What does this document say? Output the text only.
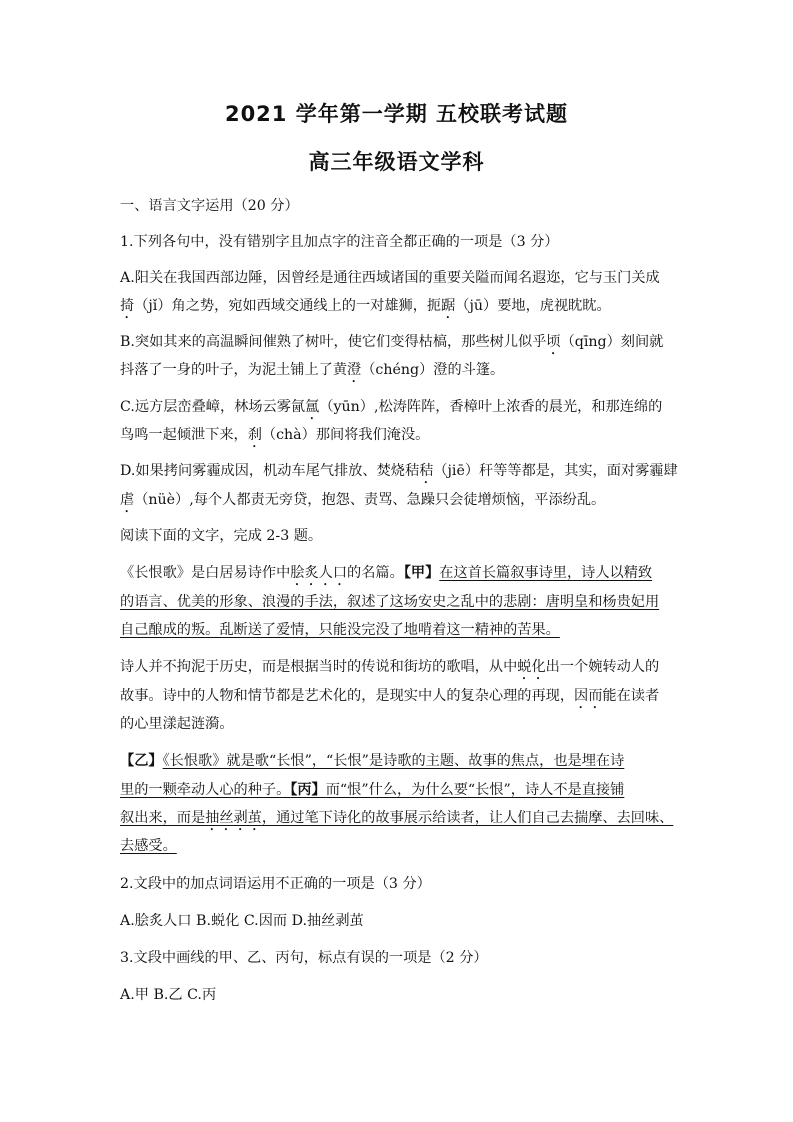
2021 学年第一学期 五校联考试题
高三年级语文学科
一、语言文字运用（20 分）
1.下列各句中，没有错别字且加点字的注音全都正确的一项是（3 分）
A.阳关在我国西部边陲，因曾经是通往西域诸国的重要关隘而闻名遐迩，它与玉门关成
掎（jǐ）角之势，宛如西域交通线上的一对雄狮，扼踞（jū）要地，虎视眈眈。
B.突如其来的高温瞬间催熟了树叶，使它们变得枯槁，那些树儿似乎顷（qīng）刻间就
抖落了一身的叶子，为泥土铺上了黄澄（chéng）澄的斗篷。
C.远方层峦叠嶂，林场云雾氤氲（yūn）,松涛阵阵，香樟叶上浓香的晨光，和那连绵的
鸟鸣一起倾泄下来，刹（chà）那间将我们淹没。
D.如果拷问雾霾成因，机动车尾气排放、焚烧秸秸（jiē）秆等等都是，其实，面对雾霾肆
虐（nüè）,每个人都责无旁贷，抱怨、责骂、急躁只会徒增烦恼，平添纷乱。
阅读下面的文字，完成 2-3 题。
《长恨歌》是白居易诗作中脍炙人口的名篇。【甲】在这首长篇叙事诗里，诗人以精致
的语言、优美的形象、浪漫的手法，叙述了这场安史之乱中的悲剧：唐明皇和杨贵妃用
自己酿成的叛。乱断送了爱情，只能没完没了地啃着这一精神的苦果。
诗人并不拘泥于历史，而是根据当时的传说和街坊的歌唱，从中蜕化出一个婉转动人的
故事。诗中的人物和情节都是艺术化的，是现实中人的复杂心理的再现，因而能在读者
的心里漾起涟漪。
【乙】《长恨歌》就是歌“长恨”，“长恨”是诗歌的主题、故事的焦点，也是埋在诗
里的一颗牵动人心的种子。【丙】而“恨”什么，为什么要“长恨”，诗人不是直接铺
叙出来，而是抽丝剥茧，通过笔下诗化的故事展示给读者，让人们自己去揣摩、去回味、
去感受。
2.文段中的加点词语运用不正确的一项是（3 分）
A.脍炙人口 B.蜕化 C.因而 D.抽丝剥茧
3.文段中画线的甲、乙、丙句，标点有误的一项是（2 分）
A.甲 B.乙 C.丙
